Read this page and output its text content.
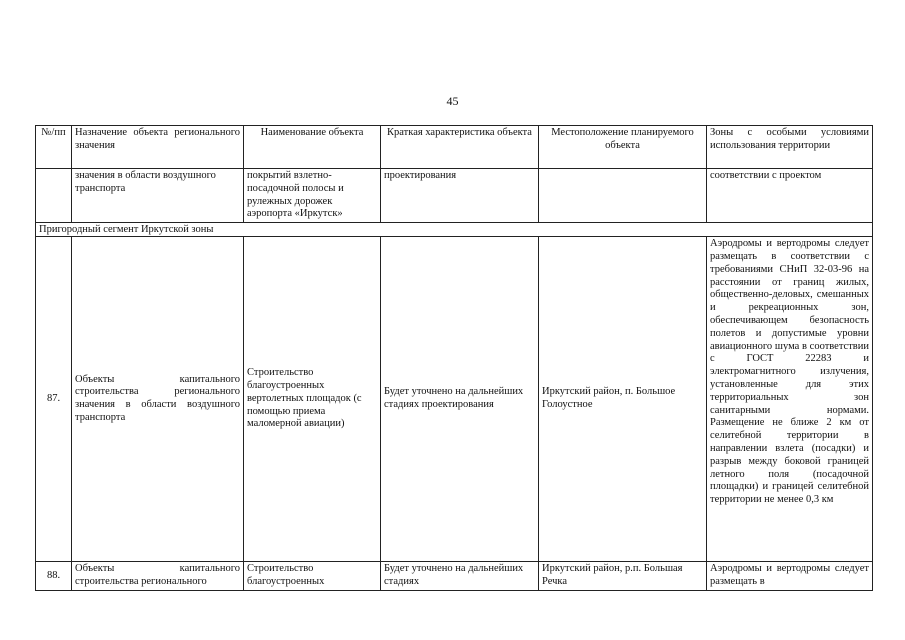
45
№/пп	Назначение объекта регионального значения	Наименование объекта	Краткая характеристика объекта	Местоположение планируемого объекта	Зоны с особыми условиями использования территории
	значения в области воздушного транспорта	покрытий взлетно-посадочной полосы и рулежных дорожек аэропорта «Иркутск»	проектирования		соответствии с проектом
Пригородный сегмент Иркутской зоны					
87.	Объекты капитального строительства регионального значения в области воздушного транспорта	Строительство благоустроенных вертолетных площадок (с помощью приема маломерной авиации)	Будет уточнено на дальнейших стадиях проектирования	Иркутский район, п. Большое Голоустное	Аэродромы и вертодромы следует размещать в соответствии с требованиями СНиП 32-03-96 на расстоянии от границ жилых, общественно-деловых, смешанных и рекреационных зон, обеспечивающем безопасность полетов и допустимые уровни авиационного шума в соответствии с ГОСТ 22283 и электромагнитного излучения, установленные для этих территориальных зон санитарными нормами. Размещение не ближе 2 км от селитебной территории в направлении взлета (посадки) и разрыв между боковой границей летного поля (посадочной площадки) и границей селитебной территории не менее 0,3 км
88.	Объекты капитального строительства регионального	Строительство благоустроенных	Будет уточнено на дальнейших стадиях	Иркутский район, р.п. Большая Речка	Аэродромы и вертодромы следует размещать в
